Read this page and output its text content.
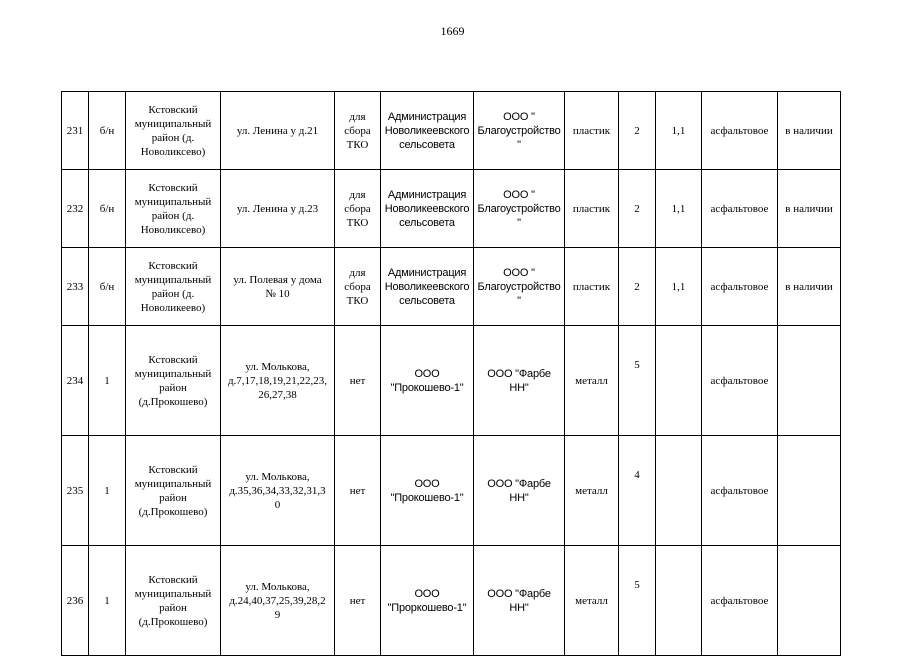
1669
231	б/н	Кстовский
муниципальный
район (д.
Новоликсево)	ул. Ленина у д.21	для
сбора
ТКО	Администрация
Новоликеевского
сельсовета	ООО "
Благоустройство
"	пластик	2	1,1	асфальтовое	в наличии
232	б/н	Кстовский
муниципальный
район (д.
Новоликсево)	ул. Ленина у д.23	для
сбора
ТКО	Администрация
Новоликеевского
сельсовета	ООО "
Благоустройство
"	пластик	2	1,1	асфальтовое	в наличии
233	б/н	Кстовский
муниципальный
район (д.
Новоликеево)	ул. Полевая у дома
№ 10	для
сбора
ТКО	Администрация
Новоликеевского
сельсовета	ООО "
Благоустройство
"	пластик	2	1,1	асфальтовое	в наличии
234	1	Кстовский
муниципальный
район
(д.Прокошево)	ул. Молькова,
д.7,17,18,19,21,22,23,
26,27,38	нет	ООО
"Прокошево-1"	ООО "Фарбе
НН"	металл	5		асфальтовое	
235	1	Кстовский
муниципальный
район
(д.Прокошево)	ул. Молькова,
д.35,36,34,33,32,31,3
0	нет	ООО
"Прокошево-1"	ООО "Фарбе
НН"	металл	4		асфальтовое	
236	1	Кстовский
муниципальный
район
(д.Прокошево)	ул. Молькова,
д.24,40,37,25,39,28,2
9	нет	ООО
"Проркошево-1"	ООО "Фарбе
НН"	металл	5		асфальтовое	
